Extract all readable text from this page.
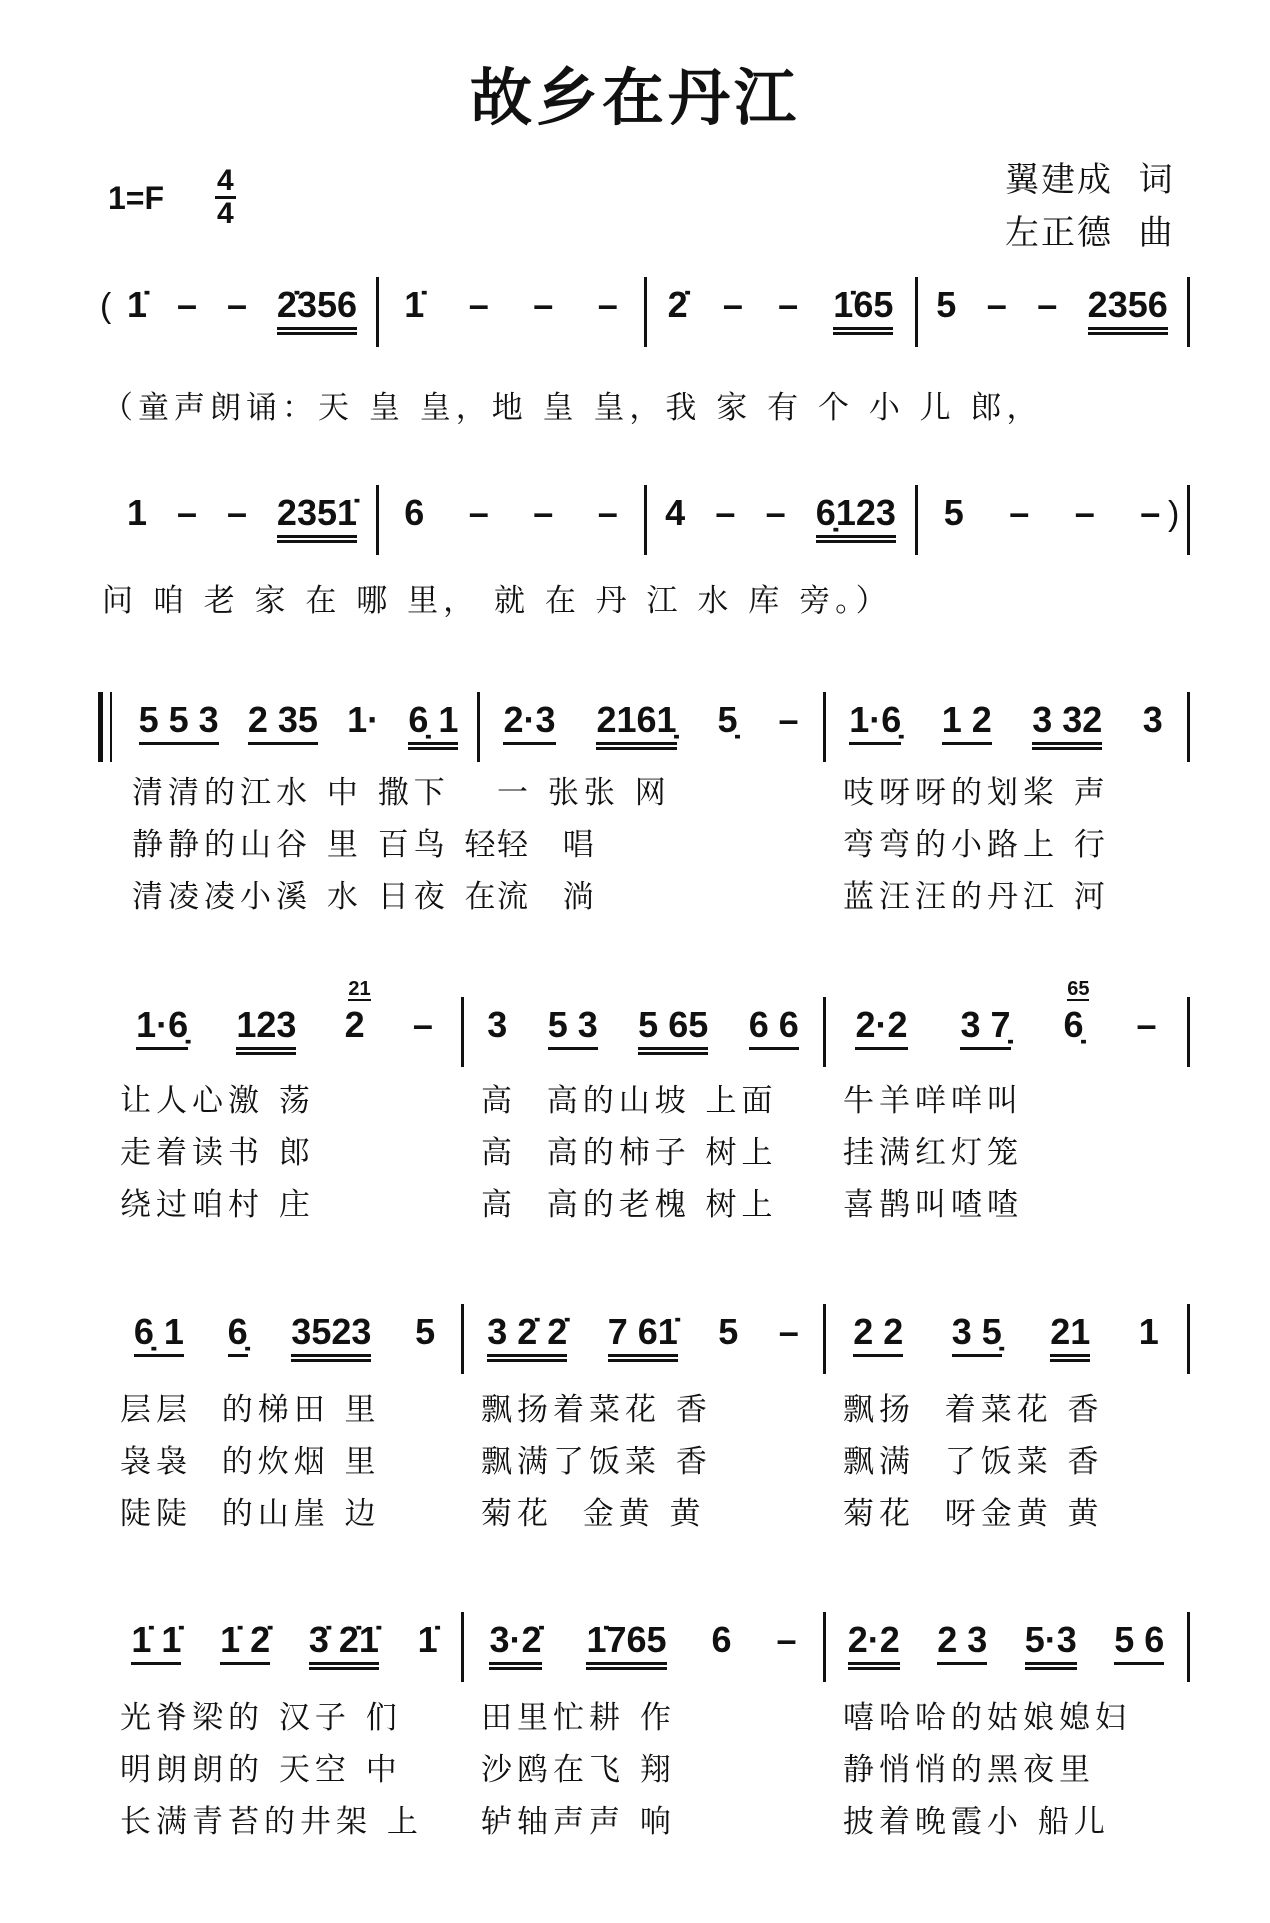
故乡在丹江
$1=F \frac{4}{4}$	翼建成  词
左正德  曲
( 1̇ – – 2̇356 1̇ – – – 2̇ – – 1̇65 5 – – 2356
（童声朗诵：天 皇 皇，地 皇 皇，我 家 有 个 小 儿 郎，
)
1 – – 2351̇ 6 – – – 4 – – 6̣123 5 – – –
问 咱 老 家 在 哪 里， 就 在 丹 江 水 库 旁。）
5 5 3 2 35 1· 6̣ 1 2·3 2161̣ 5̣ – 1·6̣ 1 2 3 32 3
清清的江水 中 撒下 一 张张 网	吱呀呀的划桨 声
静静的山谷 里 百鸟 轻
轻  唱	弯弯的小路上 行
清凌凌小溪 水 日夜 在
流  淌	蓝汪汪的丹江 河
1·6̣ 123 2
21
– 3 5 3 5 65 6 6 2·2 3 7̣ 6̣
65
–
让人心激 荡	高  高的山坡 上面 牛羊咩咩叫
走着读书 郎	高  高的柿子 树上 挂满红灯笼
绕过咱村 庄	高  高的老槐 树上 喜鹊叫喳喳
6̣ 1 6̣ 3523 5 3 2̇ 2̇ 7 61̇ 5 – 2 2 3 5̣ 21 1
层层  的梯田 里	飘扬着菜花 香	飘扬  着菜花 香
袅袅  的炊烟 里	飘满了饭菜 香	飘满  了饭菜 香
陡陡  的山崖 边	菊花  金黄 黄	菊花  呀金黄 黄
1̇ 1̇ 1̇ 2̇ 3̇ 2̇1̇ 1̇ 3·2̇ 1̇765 6 – 2·2 2 3 5·3 5 6
光脊梁的 汉子 们	田里忙耕 作	嘻哈哈的姑娘媳妇
明朗朗的 天空 中	沙鸥在飞 翔	静悄悄的黑夜里
长满青苔的井架 上 轳轴声声 响	披着晚霞小 船儿
